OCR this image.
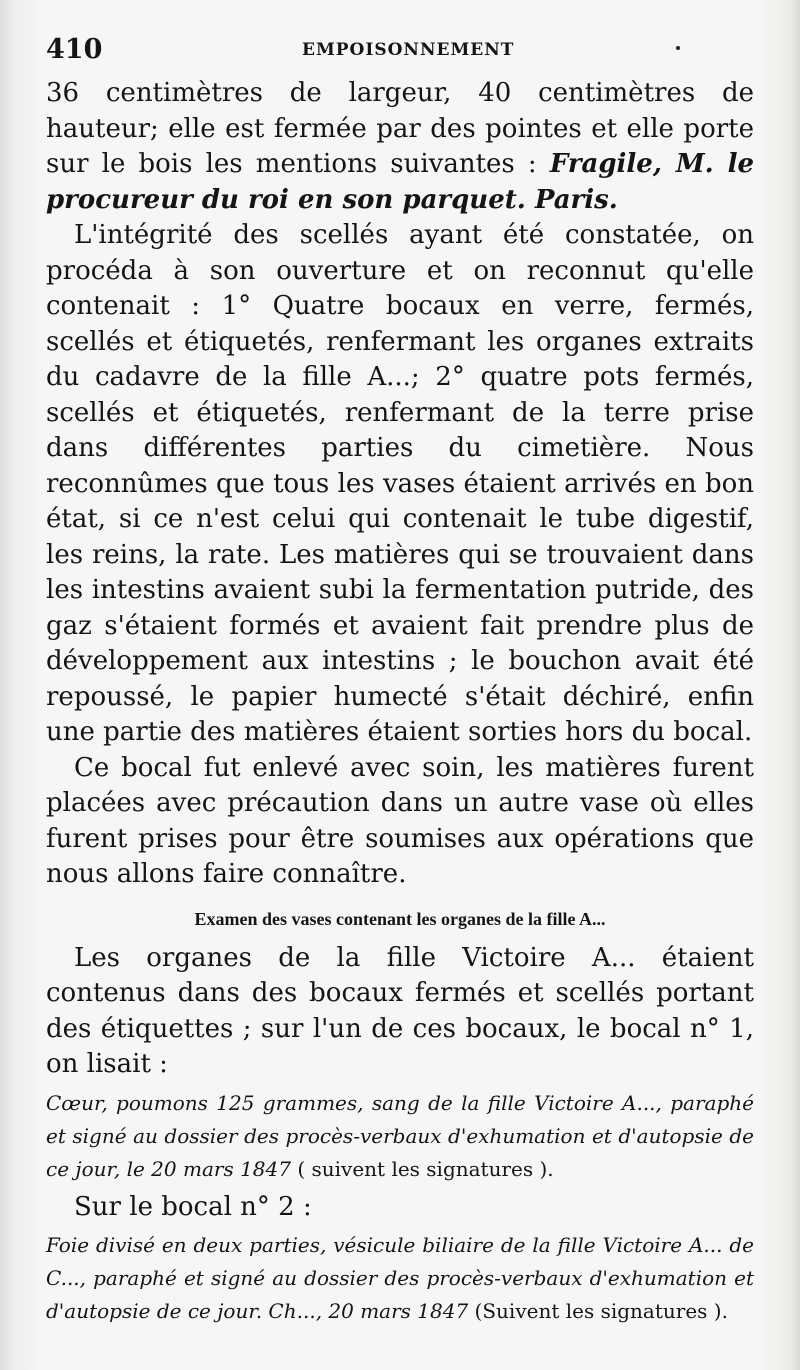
410	EMPOISONNEMENT

36 centimètres de largeur, 40 centimètres de hauteur; elle est fermée par des pointes et elle porte sur le bois les mentions suivantes : Fragile, M. le procureur du roi en son parquet. Paris.

L'intégrité des scellés ayant été constatée, on procéda à son ouverture et on reconnut qu'elle contenait : 1° Quatre bocaux en verre, fermés, scellés et étiquetés, renfermant les organes extraits du cadavre de la fille A...; 2° quatre pots fermés, scellés et étiquetés, renfermant de la terre prise dans différentes parties du cimetière. Nous reconnûmes que tous les vases étaient arrivés en bon état, si ce n'est celui qui contenait le tube digestif, les reins, la rate. Les matières qui se trouvaient dans les intestins avaient subi la fermentation putride, des gaz s'étaient formés et avaient fait prendre plus de développement aux intestins ; le bouchon avait été repoussé, le papier humecté s'était déchiré, enfin une partie des matières étaient sorties hors du bocal.

Ce bocal fut enlevé avec soin, les matières furent placées avec précaution dans un autre vase où elles furent prises pour être soumises aux opérations que nous allons faire connaître.

Examen des vases contenant les organes de la fille A...

Les organes de la fille Victoire A... étaient contenus dans des bocaux fermés et scellés portant des étiquettes ; sur l'un de ces bocaux, le bocal n° 1, on lisait :

Cœur, poumons 125 grammes, sang de la fille Victoire A..., paraphé et signé au dossier des procès-verbaux d'exhumation et d'autopsie de ce jour, le 20 mars 1847 ( suivent les signatures ).

Sur le bocal n° 2 :

Foie divisé en deux parties, vésicule biliaire de la fille Victoire A... de C..., paraphé et signé au dossier des procès-verbaux d'exhumation et d'autopsie de ce jour. Ch..., 20 mars 1847 (Suivent les signatures ).
